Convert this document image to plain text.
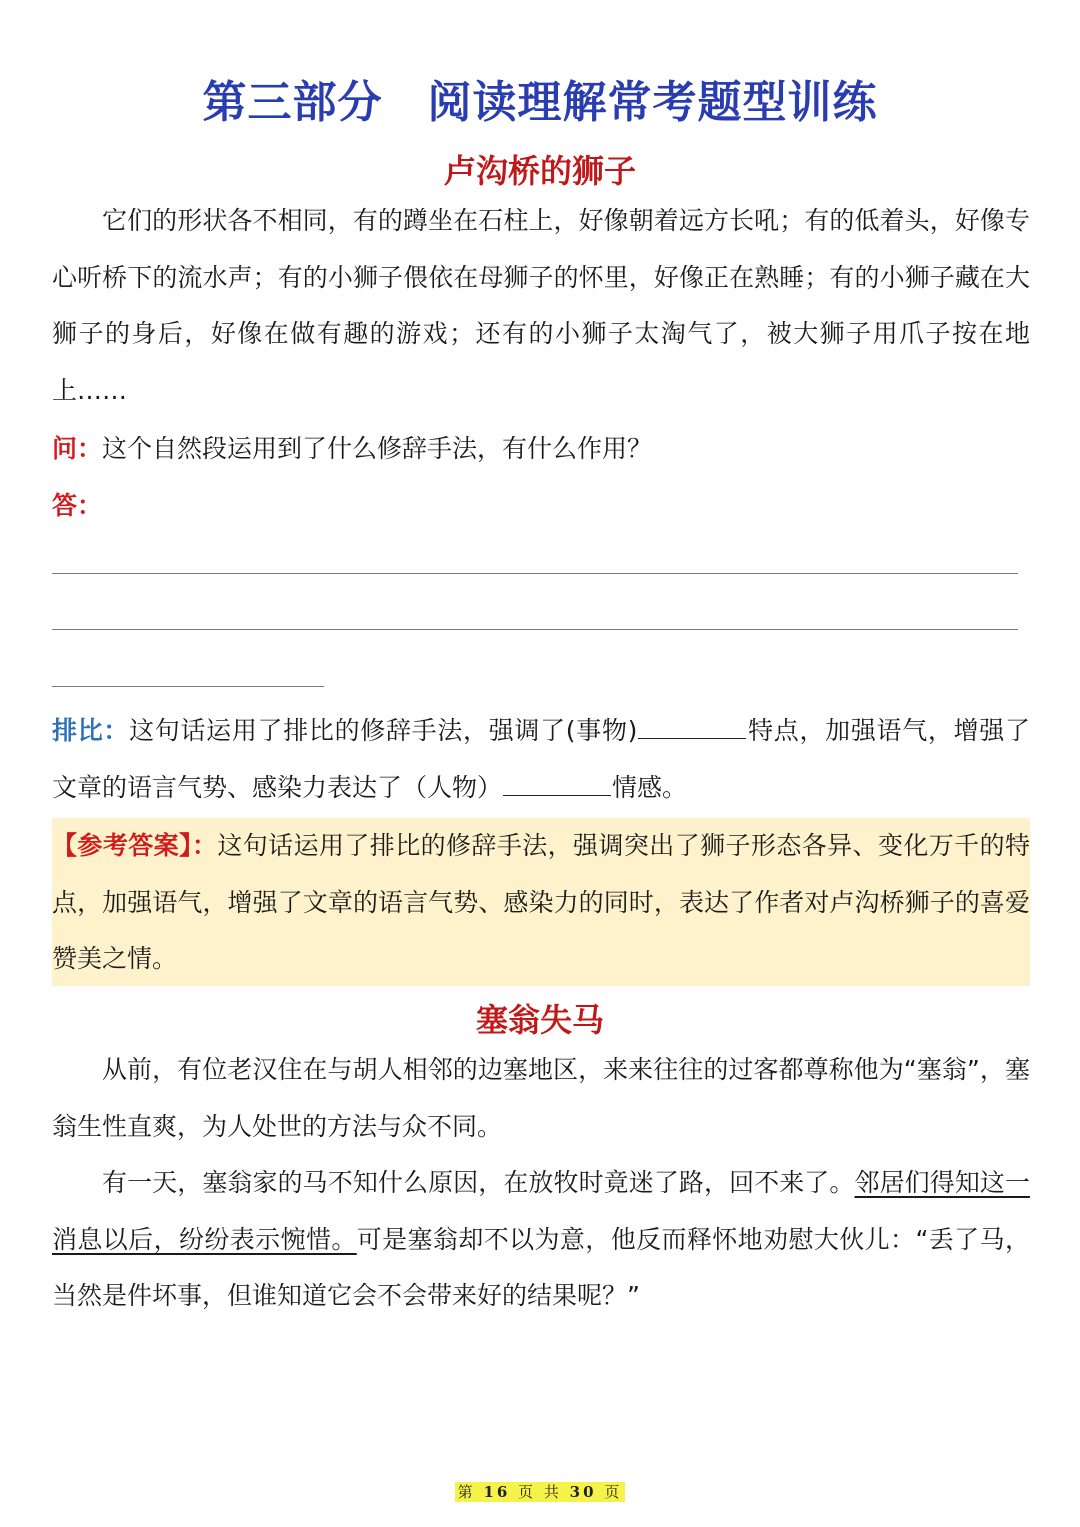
第三部分　阅读理解常考题型训练
卢沟桥的狮子

它们的形状各不相同，有的蹲坐在石柱上，好像朝着远方长吼；有的低着头，好像专心听桥下的流水声；有的小狮子偎依在母狮子的怀里，好像正在熟睡；有的小狮子藏在大狮子的身后，好像在做有趣的游戏；还有的小狮子太淘气了，被大狮子用爪子按在地上……

问：这个自然段运用到了什么修辞手法，有什么作用？
答：

排比：这句话运用了排比的修辞手法，强调了(事物)	特点，加强语气，增强了文章的语言气势、感染力表达了（人物）	情感。

【参考答案】：这句话运用了排比的修辞手法，强调突出了狮子形态各异、变化万千的特点，加强语气，增强了文章的语言气势、感染力的同时，表达了作者对卢沟桥狮子的喜爱赞美之情。

塞翁失马

从前，有位老汉住在与胡人相邻的边塞地区，来来往往的过客都尊称他为“塞翁”，塞翁生性直爽，为人处世的方法与众不同。

有一天，塞翁家的马不知什么原因，在放牧时竟迷了路，回不来了。邻居们得知这一消息以后，纷纷表示惋惜。可是塞翁却不以为意，他反而释怀地劝慰大伙儿：“丢了马，当然是件坏事，但谁知道它会不会带来好的结果呢？”

第 16 页 共 30 页
